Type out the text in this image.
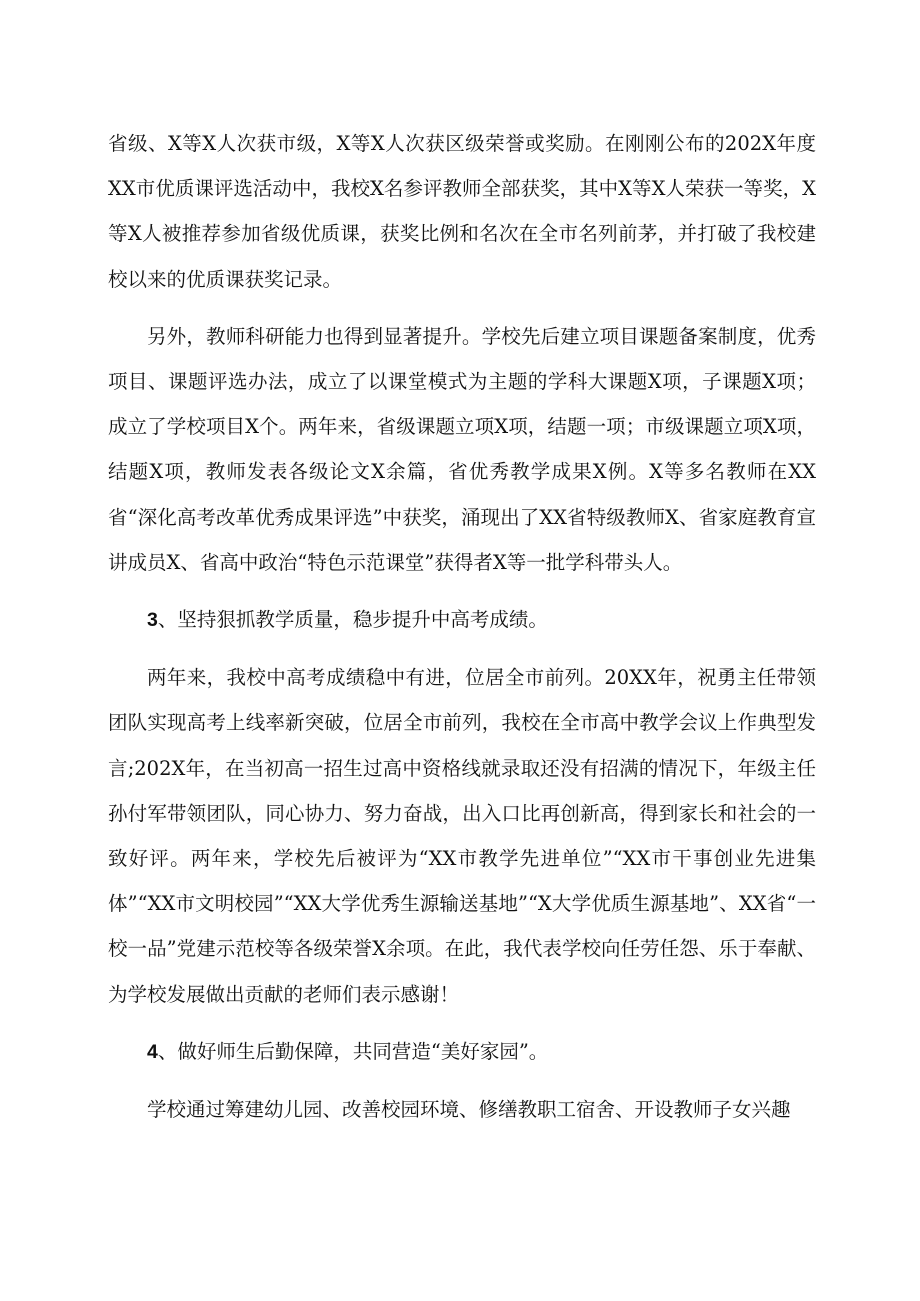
省级、X等X人次获市级，X等X人次获区级荣誉或奖励。在刚刚公布的202X年度XX市优质课评选活动中，我校X名参评教师全部获奖，其中X等X人荣获一等奖，X等X人被推荐参加省级优质课，获奖比例和名次在全市名列前茅，并打破了我校建校以来的优质课获奖记录。

另外，教师科研能力也得到显著提升。学校先后建立项目课题备案制度，优秀项目、课题评选办法，成立了以课堂模式为主题的学科大课题X项，子课题X项；成立了学校项目X个。两年来，省级课题立项X项，结题一项；市级课题立项X项，结题X项，教师发表各级论文X余篇，省优秀教学成果X例。X等多名教师在XX省“深化高考改革优秀成果评选”中获奖，涌现出了XX省特级教师X、省家庭教育宣讲成员X、省高中政治“特色示范课堂”获得者X等一批学科带头人。

3、坚持狠抓教学质量，稳步提升中高考成绩。

两年来，我校中高考成绩稳中有进，位居全市前列。20XX年，祝勇主任带领团队实现高考上线率新突破，位居全市前列，我校在全市高中教学会议上作典型发言;202X年，在当初高一招生过高中资格线就录取还没有招满的情况下，年级主任孙付军带领团队，同心协力、努力奋战，出入口比再创新高，得到家长和社会的一致好评。两年来，学校先后被评为“XX市教学先进单位”“XX市干事创业先进集体”“XX市文明校园”“XX大学优秀生源输送基地”“X大学优质生源基地”、XX省“一校一品”党建示范校等各级荣誉X余项。在此，我代表学校向任劳任怨、乐于奉献、为学校发展做出贡献的老师们表示感谢！

4、做好师生后勤保障，共同营造“美好家园”。

学校通过筹建幼儿园、改善校园环境、修缮教职工宿舍、开设教师子女兴趣
